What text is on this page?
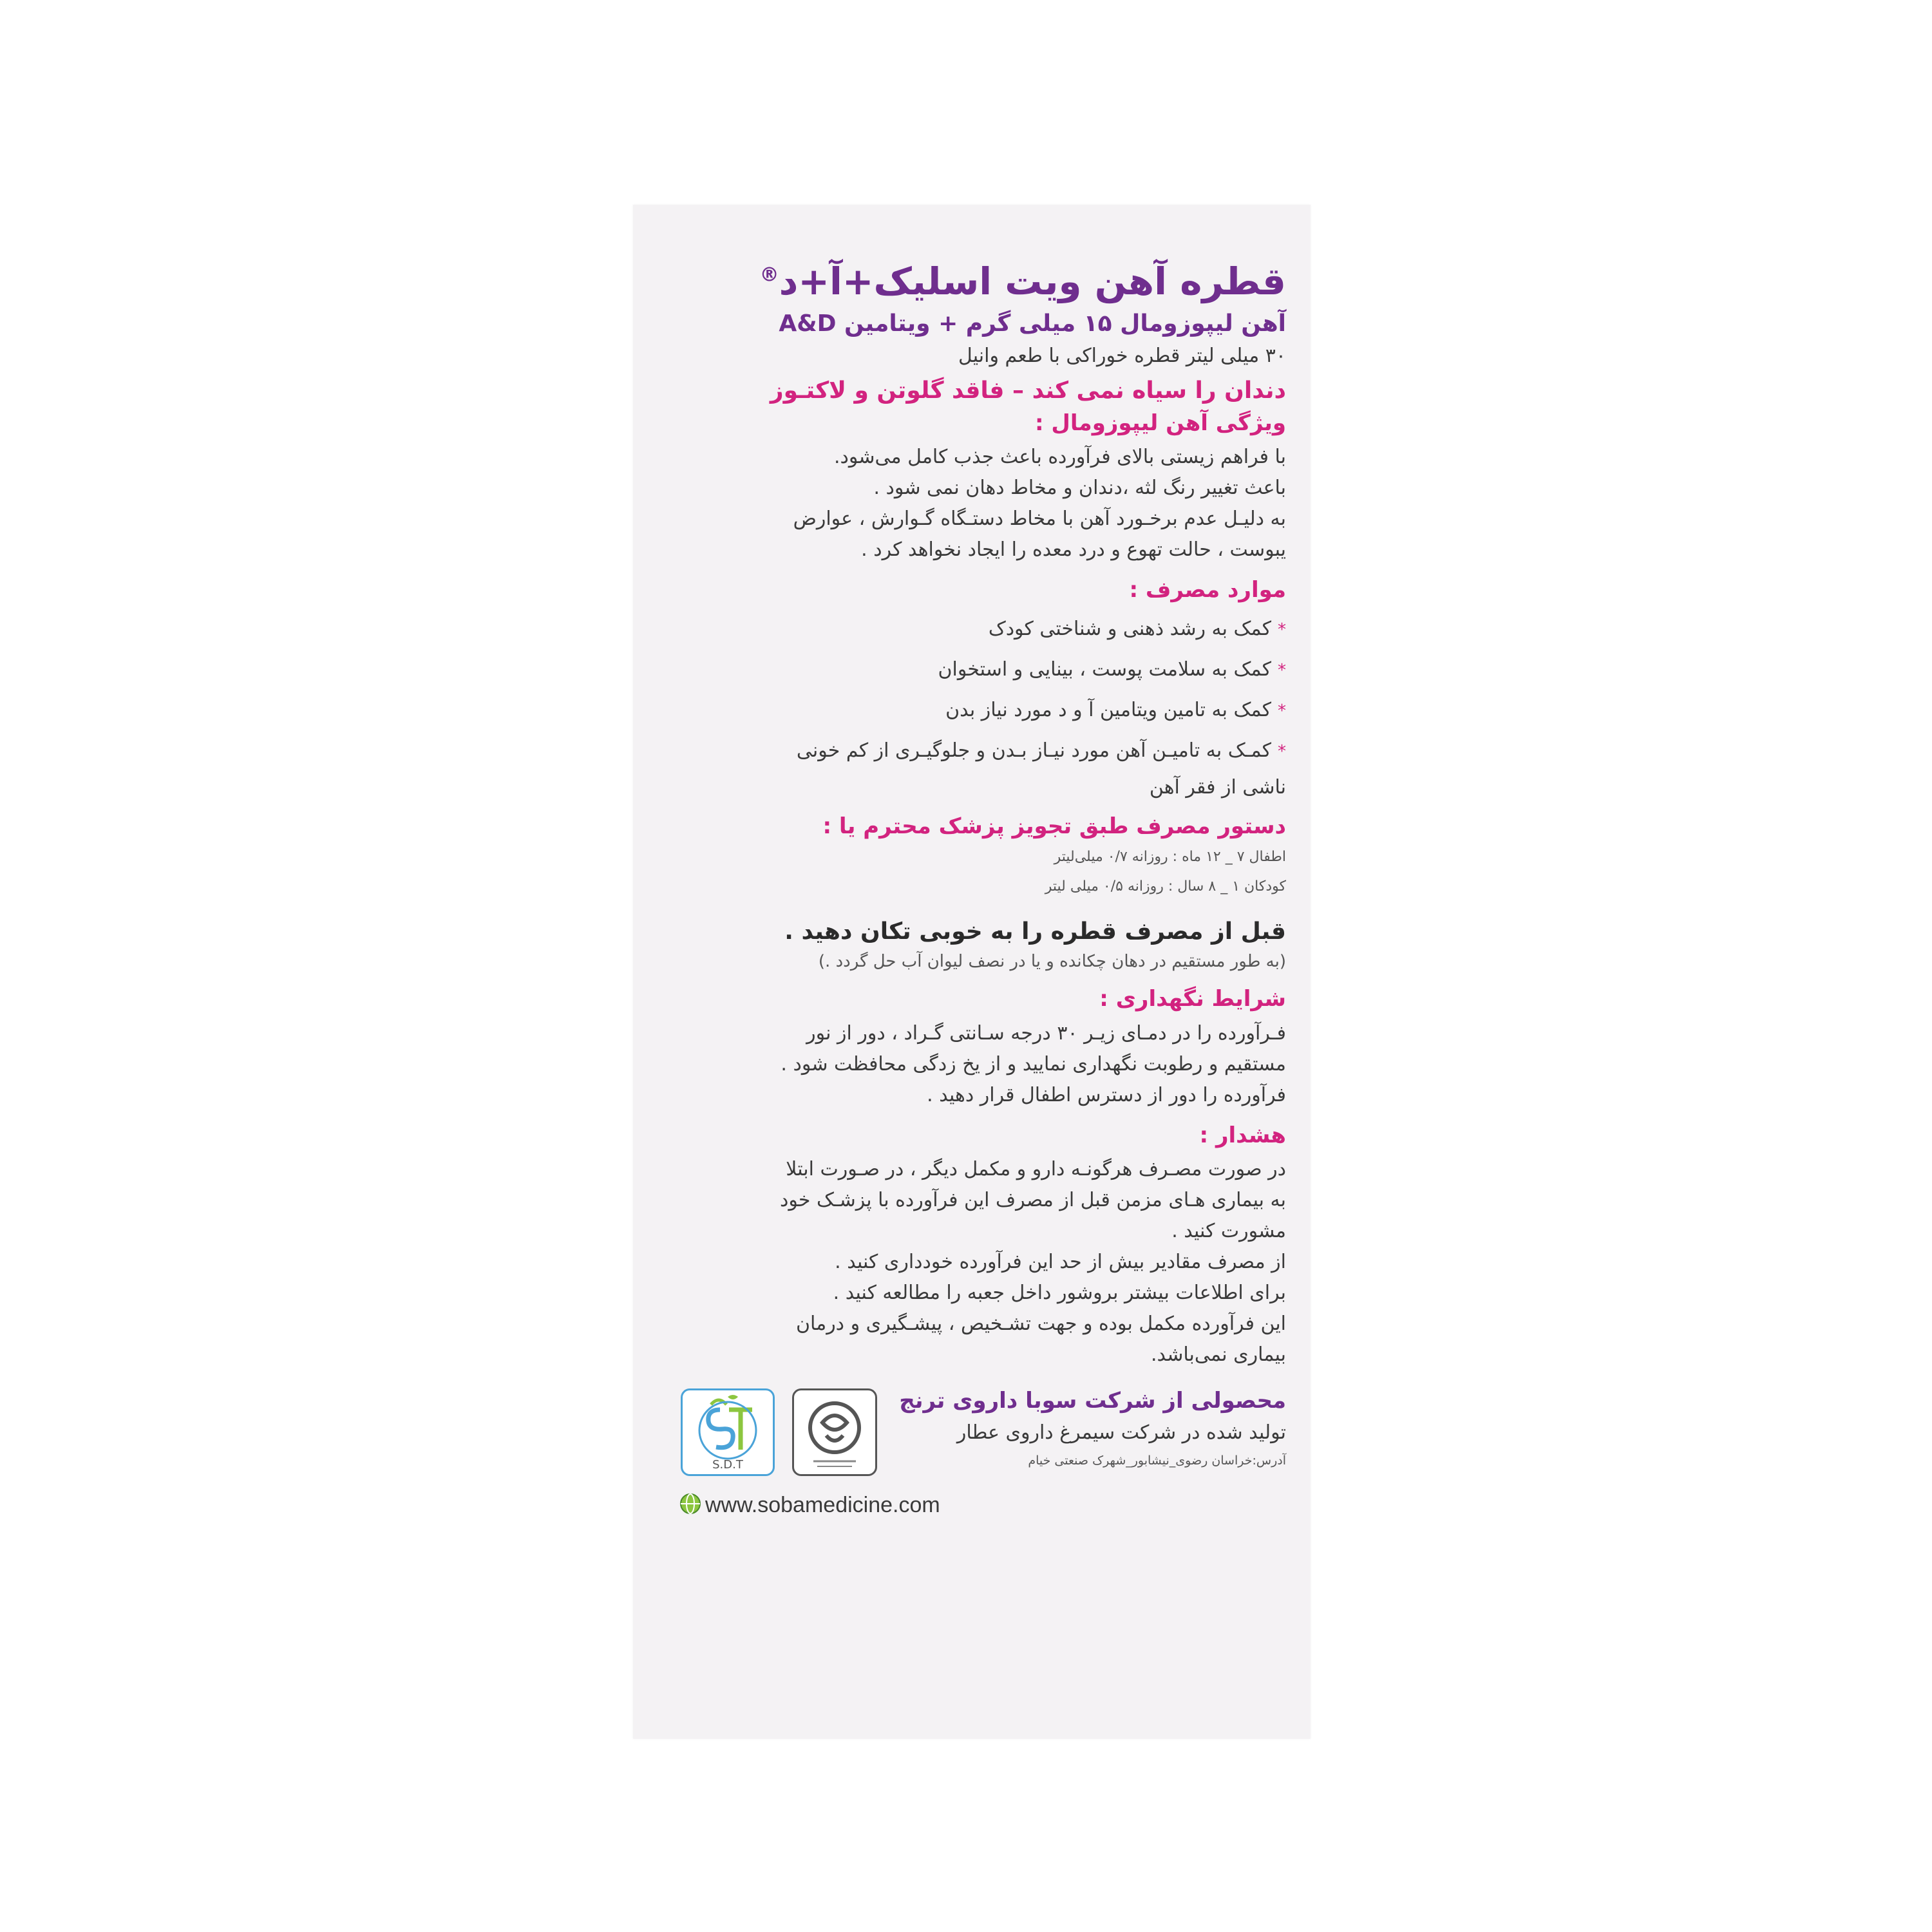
قطره آهن ویت اسلیک+آ+د®

آهن لیپوزومال ۱۵ میلی گرم + ویتامین A&D

۳۰ میلی لیتر قطره خوراکی با طعم وانیل

دندان را سیاه نمی کند – فاقد گلوتن و لاکتـوز

ویژگی آهن لیپوزومال :

با فراهم زیستی بالای فرآورده باعث جذب کامل می‌شود.

باعث تغییر رنگ لثه ،دندان و مخاط دهان نمی شود .

به دلیـل عدم برخـورد آهن با مخاط دستـگاه گـوارش ، عوارض

یبوست ، حالت تهوع و درد معده را ایجاد نخواهد کرد .

موارد مصرف :

*کمک به رشد ذهنی و شناختی کودک

*کمک به سلامت پوست ، بینایی و استخوان

*کمک به تامین ویتامین آ و د مورد نیاز بدن

*کمـک به تامیـن آهن مورد نیـاز بـدن و جلوگیـری از کم خونی

ناشی از فقر آهن

دستور مصرف طبق تجویز پزشک محترم یا :

اطفال ۷ _ ۱۲ ماه : روزانه ۰/۷ میلی‌لیتر

کودکان ۱ _ ۸ سال : روزانه ۰/۵ میلی لیتر

قبل از مصرف قطره را به خوبی تکان دهید .

(به طور مستقیم در دهان چکانده و یا در نصف لیوان آب حل گردد .)

شرایط نگهداری :

فـرآورده را در دمـای زیـر ۳۰ درجه سـانتی گـراد ، دور از نور

مستقیم و رطوبت نگهداری نمایید و از یخ زدگی محافظت شود .

فرآورده را دور از دسترس اطفال قرار دهید .

هشدار :

در صورت مصـرف هرگونـه دارو و مکمل دیگر ، در صـورت ابتلا

به بیماری هـای مزمن قبل از مصرف این فرآورده با پزشـک خود

مشورت کنید .

از مصرف مقادیر بیش از حد این فرآورده خودداری کنید .

برای اطلاعات بیشتر بروشور داخل جعبه را مطالعه کنید .

این فرآورده مکمل بوده و جهت تشـخیص ، پیشـگیری و درمان

بیماری نمی‌باشد.

محصولی از شرکت سوبا داروی ترنج

تولید شده در شرکت سیمرغ داروی عطار

آدرس:خراسان رضوی_نیشابور_شهرک صنعتی خیام

S.D.T
www.sobamedicine.com
